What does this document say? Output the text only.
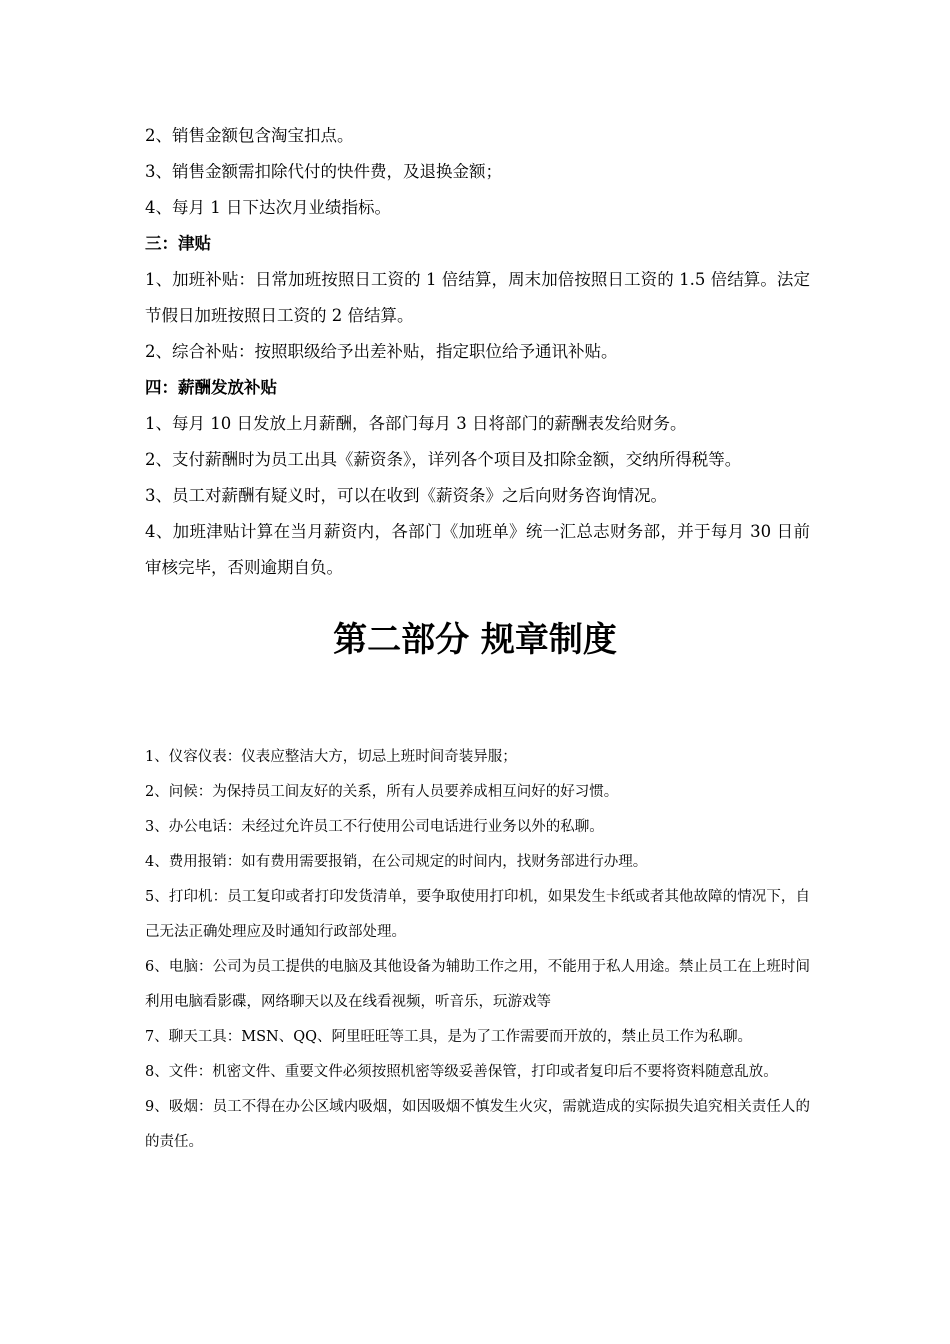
2、销售金额包含淘宝扣点。

3、销售金额需扣除代付的快件费，及退换金额；

4、每月 1 日下达次月业绩指标。

三：津贴

1、加班补贴：日常加班按照日工资的 1 倍结算，周末加倍按照日工资的 1.5 倍结算。法定节假日加班按照日工资的 2 倍结算。

2、综合补贴：按照职级给予出差补贴，指定职位给予通讯补贴。

四：薪酬发放补贴

1、每月 10 日发放上月薪酬，各部门每月 3 日将部门的薪酬表发给财务。

2、支付薪酬时为员工出具《薪资条》，详列各个项目及扣除金额，交纳所得税等。

3、员工对薪酬有疑义时，可以在收到《薪资条》之后向财务咨询情况。

4、加班津贴计算在当月薪资内，各部门《加班单》统一汇总志财务部，并于每月 30 日前审核完毕，否则逾期自负。

第二部分 规章制度

1、仪容仪表：仪表应整洁大方，切忌上班时间奇装异服；

2、问候：为保持员工间友好的关系，所有人员要养成相互问好的好习惯。

3、办公电话：未经过允许员工不行使用公司电话进行业务以外的私聊。

4、费用报销：如有费用需要报销，在公司规定的时间内，找财务部进行办理。

5、打印机：员工复印或者打印发货清单，要争取使用打印机，如果发生卡纸或者其他故障的情况下，自己无法正确处理应及时通知行政部处理。

6、电脑：公司为员工提供的电脑及其他设备为辅助工作之用，不能用于私人用途。禁止员工在上班时间利用电脑看影碟，网络聊天以及在线看视频，听音乐，玩游戏等

7、聊天工具：MSN、QQ、阿里旺旺等工具，是为了工作需要而开放的，禁止员工作为私聊。

8、文件：机密文件、重要文件必须按照机密等级妥善保管，打印或者复印后不要将资料随意乱放。

9、吸烟：员工不得在办公区域内吸烟，如因吸烟不慎发生火灾，需就造成的实际损失追究相关责任人的的责任。
